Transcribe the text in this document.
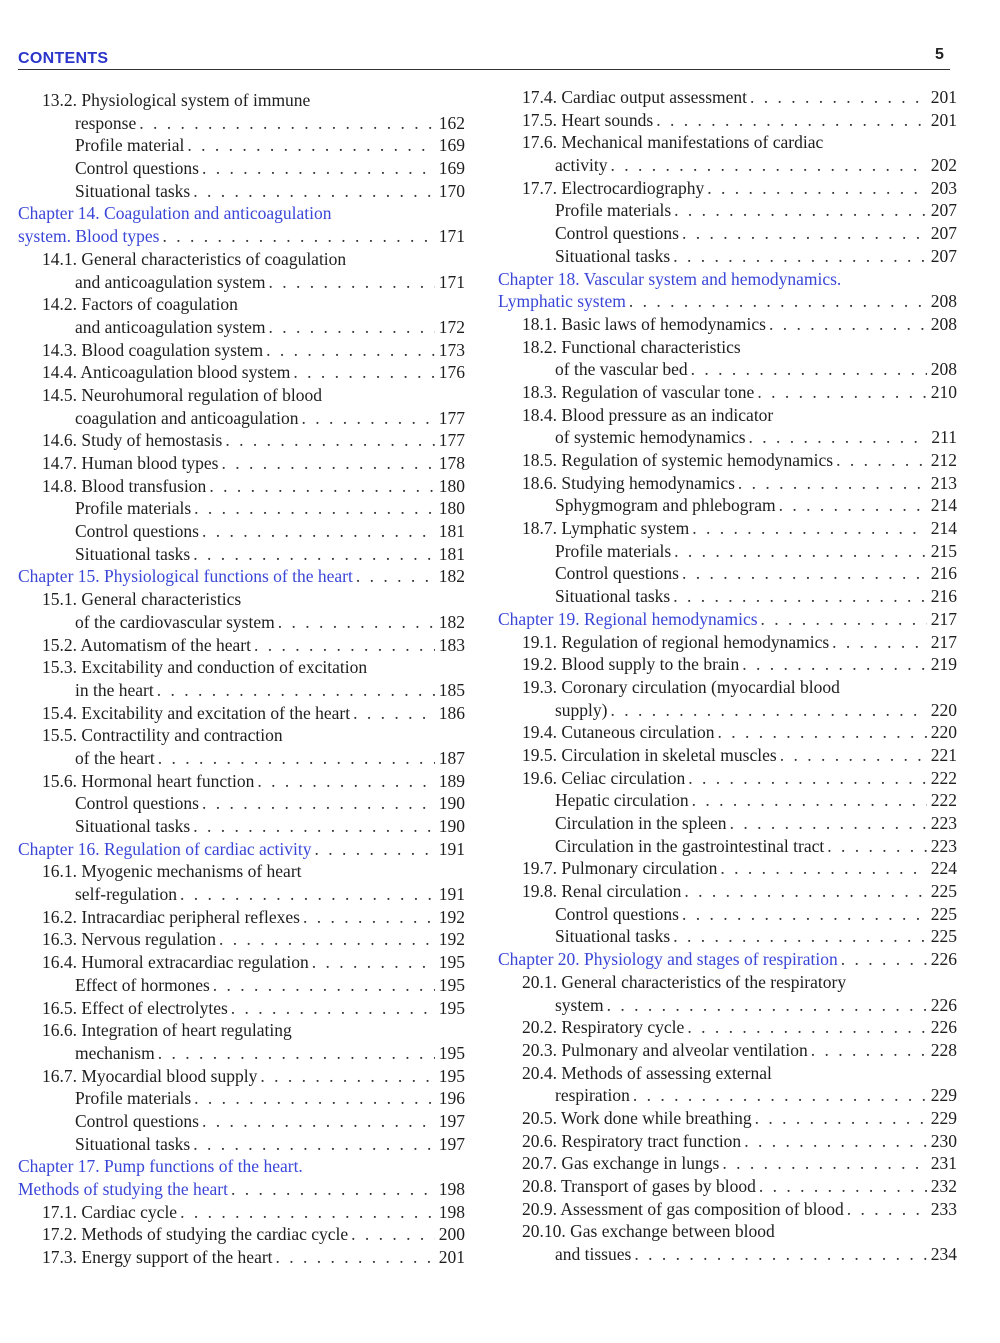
CONTENTS	5
13.2. Physiological system of immune
response . . .	162
Profile material . . .	169
Control questions . . .	169
Situational tasks . . .	170
Chapter 14. Coagulation and anticoagulation
system. Blood types . . .	171
14.1. General characteristics of coagulation
and anticoagulation system . . .	171
14.2. Factors of coagulation
and anticoagulation system . . .	172
14.3. Blood coagulation system . . .	173
14.4. Anticoagulation blood system . . .	176
14.5. Neurohumoral regulation of blood
coagulation and anticoagulation . . .	177
14.6. Study of hemostasis . . .	177
14.7. Human blood types . . .	178
14.8. Blood transfusion . . .	180
Profile materials . . .	180
Control questions . . .	181
Situational tasks . . .	181
Chapter 15. Physiological functions of the heart . . .	182
15.1. General characteristics
of the cardiovascular system . . .	182
15.2. Automatism of the heart . . .	183
15.3. Excitability and conduction of excitation
in the heart . . .	185
15.4. Excitability and excitation of the heart . . .	186
15.5. Contractility and contraction
of the heart . . .	187
15.6. Hormonal heart function . . .	189
Control questions . . .	190
Situational tasks . . .	190
Chapter 16. Regulation of cardiac activity . . .	191
16.1. Myogenic mechanisms of heart
self-regulation . . .	191
16.2. Intracardiac peripheral reflexes . . .	192
16.3. Nervous regulation . . .	192
16.4. Humoral extracardiac regulation . . .	195
Effect of hormones . . .	195
16.5. Effect of electrolytes . . .	195
16.6. Integration of heart regulating
mechanism . . .	195
16.7. Myocardial blood supply . . .	195
Profile materials . . .	196
Control questions . . .	197
Situational tasks . . .	197
Chapter 17. Pump functions of the heart.
Methods of studying the heart . . .	198
17.1. Cardiac cycle . . .	198
17.2. Methods of studying the cardiac cycle . . .	200
17.3. Energy support of the heart . . .	201
17.4. Cardiac output assessment . . .	201
17.5. Heart sounds . . .	201
17.6. Mechanical manifestations of cardiac
activity . . .	202
17.7. Electrocardiography . . .	203
Profile materials . . .	207
Control questions . . .	207
Situational tasks . . .	207
Chapter 18. Vascular system and hemodynamics.
Lymphatic system . . .	208
18.1. Basic laws of hemodynamics . . .	208
18.2. Functional characteristics
of the vascular bed . . .	208
18.3. Regulation of vascular tone . . .	210
18.4. Blood pressure as an indicator
of systemic hemodynamics . . .	211
18.5. Regulation of systemic hemodynamics . . .	212
18.6. Studying hemodynamics . . .	213
Sphygmogram and phlebogram . . .	214
18.7. Lymphatic system . . .	214
Profile materials . . .	215
Control questions . . .	216
Situational tasks . . .	216
Chapter 19. Regional hemodynamics . . .	217
19.1. Regulation of regional hemodynamics . . .	217
19.2. Blood supply to the brain . . .	219
19.3. Coronary circulation (myocardial blood
supply) . . .	220
19.4. Cutaneous circulation . . .	220
19.5. Circulation in skeletal muscles . . .	221
19.6. Celiac circulation . . .	222
Hepatic circulation . . .	222
Circulation in the spleen . . .	223
Circulation in the gastrointestinal tract . . .	223
19.7. Pulmonary circulation . . .	224
19.8. Renal circulation . . .	225
Control questions . . .	225
Situational tasks . . .	225
Chapter 20. Physiology and stages of respiration . . .	226
20.1. General characteristics of the respiratory
system . . .	226
20.2. Respiratory cycle . . .	226
20.3. Pulmonary and alveolar ventilation . . .	228
20.4. Methods of assessing external
respiration . . .	229
20.5. Work done while breathing . . .	229
20.6. Respiratory tract function . . .	230
20.7. Gas exchange in lungs . . .	231
20.8. Transport of gases by blood . . .	232
20.9. Assessment of gas composition of blood . . .	233
20.10. Gas exchange between blood
and tissues . . .	234
